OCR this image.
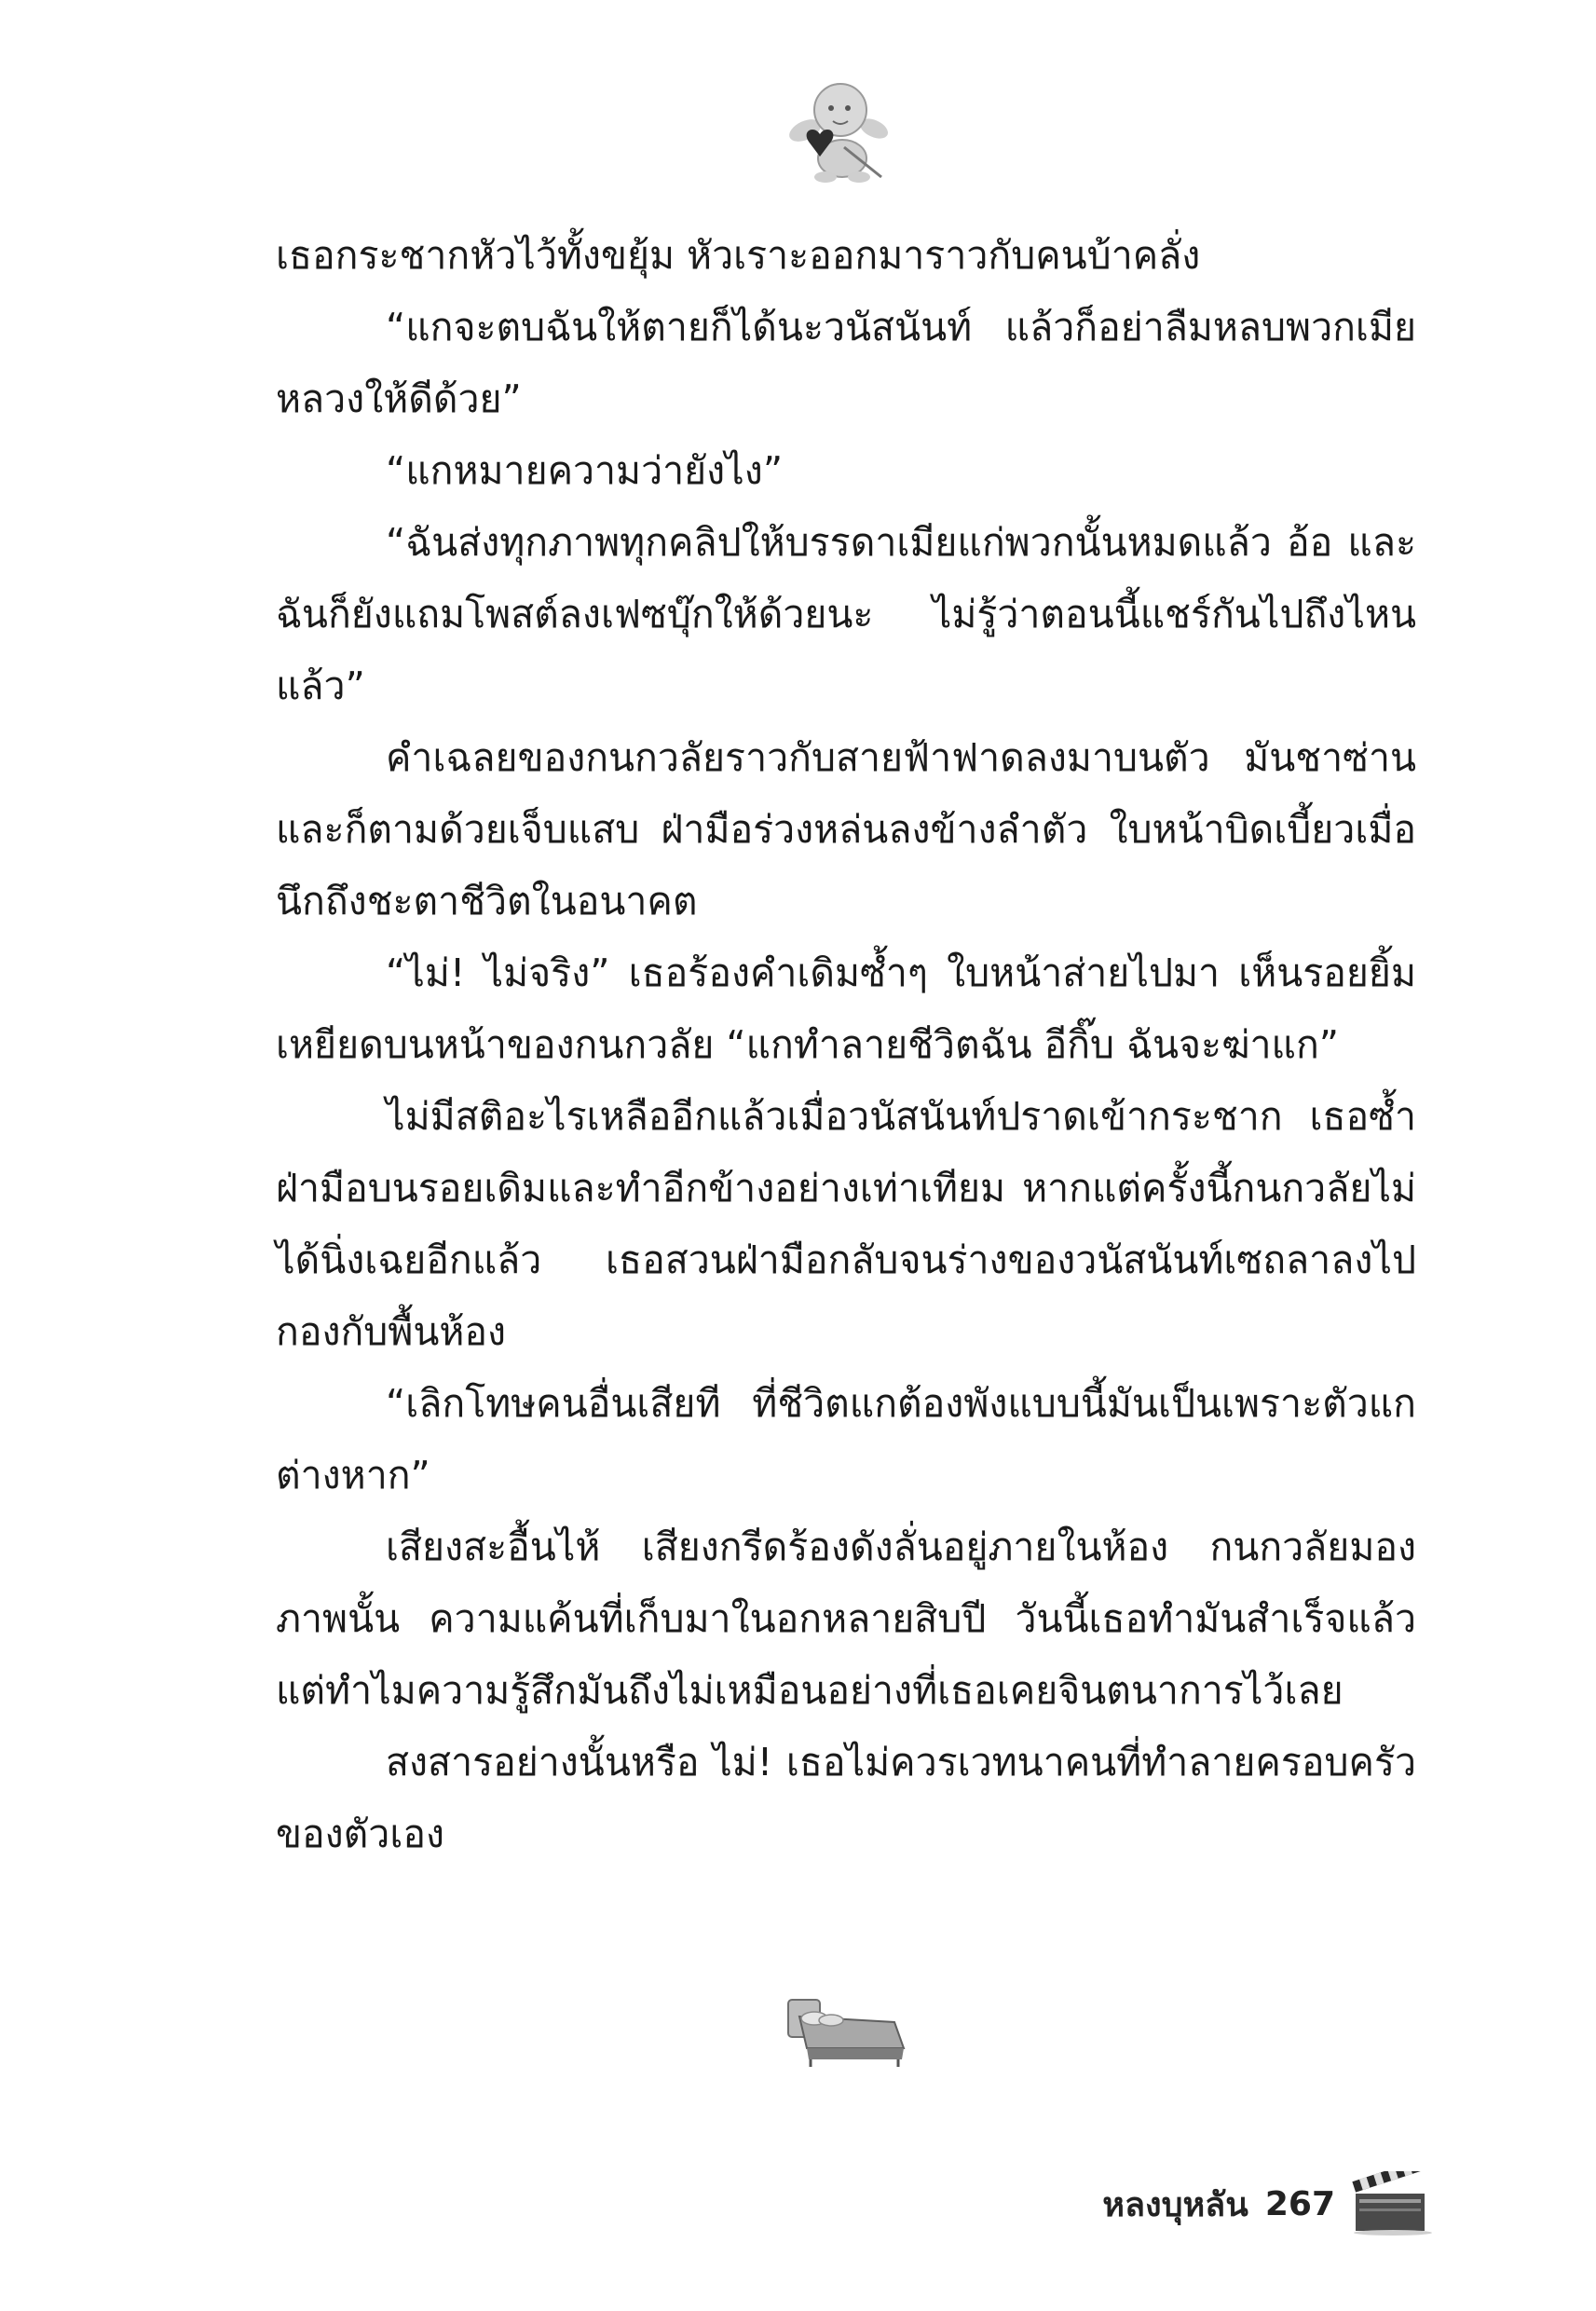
เธอกระชากหัวไว้ทั้งขยุ้ม หัวเราะออกมาราวกับคนบ้าคลั่ง

“แกจะตบฉันให้ตายก็ได้นะวนัสนันท์ แล้วก็อย่าลืมหลบพวกเมียหลวงให้ดีด้วย”

“แกหมายความว่ายังไง”

“ฉันส่งทุกภาพทุกคลิปให้บรรดาเมียแก่พวกนั้นหมดแล้ว อ้อ และฉันก็ยังแถมโพสต์ลงเฟซบุ๊กให้ด้วยนะ ไม่รู้ว่าตอนนี้แชร์กันไปถึงไหนแล้ว”

คำเฉลยของกนกวลัยราวกับสายฟ้าฟาดลงมาบนตัว มันชาซ่านและก็ตามด้วยเจ็บแสบ ฝ่ามือร่วงหล่นลงข้างลำตัว ใบหน้าบิดเบี้ยวเมื่อนึกถึงชะตาชีวิตในอนาคต

“ไม่! ไม่จริง” เธอร้องคำเดิมซ้ำๆ ใบหน้าส่ายไปมา เห็นรอยยิ้มเหยียดบนหน้าของกนกวลัย “แกทำลายชีวิตฉัน อีกิ๊บ ฉันจะฆ่าแก”

ไม่มีสติอะไรเหลืออีกแล้วเมื่อวนัสนันท์ปราดเข้ากระชาก เธอซ้ำฝ่ามือบนรอยเดิมและทำอีกข้างอย่างเท่าเทียม หากแต่ครั้งนี้กนกวลัยไม่ได้นิ่งเฉยอีกแล้ว เธอสวนฝ่ามือกลับจนร่างของวนัสนันท์เซถลาลงไปกองกับพื้นห้อง

“เลิกโทษคนอื่นเสียที ที่ชีวิตแกต้องพังแบบนี้มันเป็นเพราะตัวแกต่างหาก”

เสียงสะอื้นไห้ เสียงกรีดร้องดังลั่นอยู่ภายในห้อง กนกวลัยมองภาพนั้น ความแค้นที่เก็บมาในอกหลายสิบปี วันนี้เธอทำมันสำเร็จแล้ว แต่ทำไมความรู้สึกมันถึงไม่เหมือนอย่างที่เธอเคยจินตนาการไว้เลย

สงสารอย่างนั้นหรือ ไม่! เธอไม่ควรเวทนาคนที่ทำลายครอบครัวของตัวเอง

หลงบุหลัน 267
